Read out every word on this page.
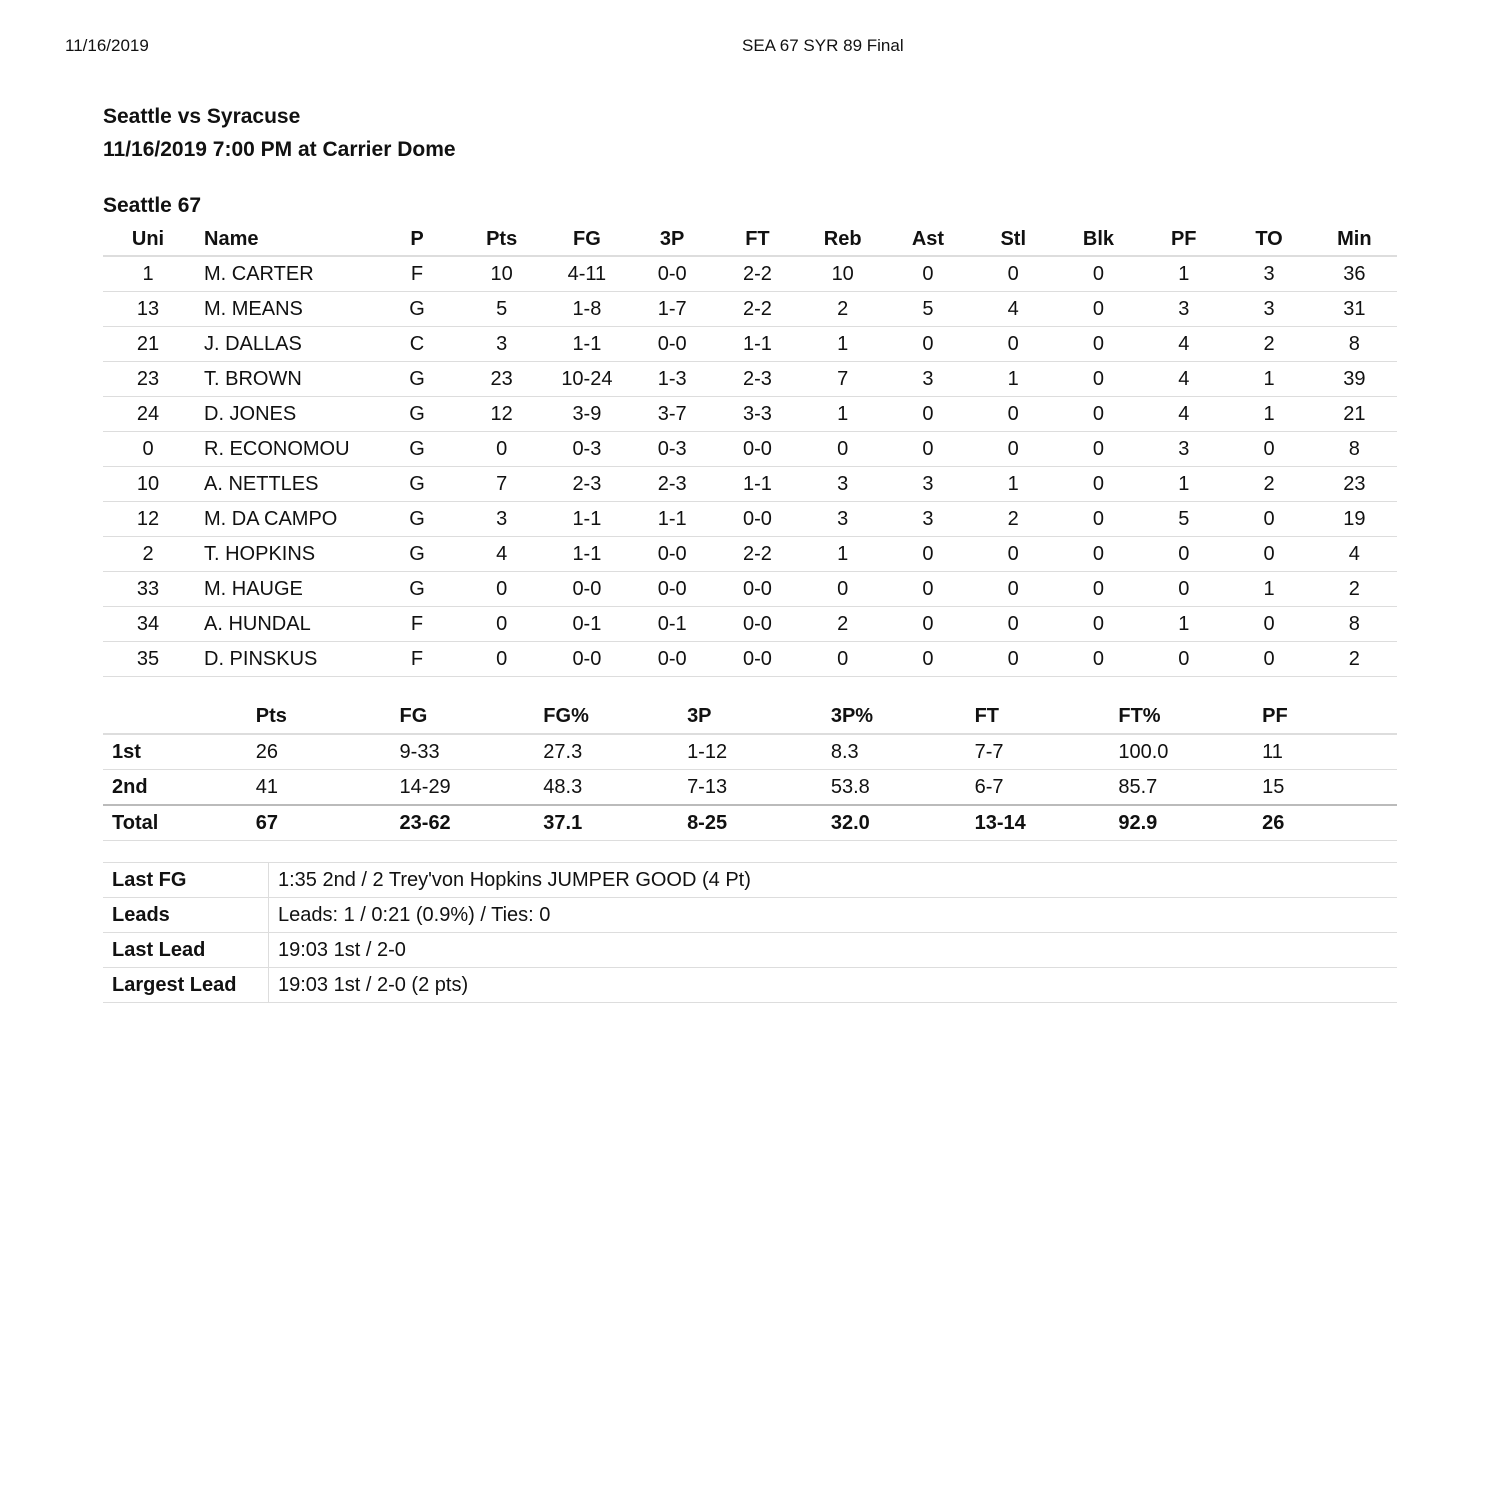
11/16/2019	SEA 67 SYR 89 Final
Seattle vs Syracuse
11/16/2019 7:00 PM at Carrier Dome
Seattle 67
Uni	Name	P	Pts	FG	3P	FT	Reb	Ast	Stl	Blk	PF	TO	Min
1	M. CARTER	F	10	4-11	0-0	2-2	10	0	0	0	1	3	36
13	M. MEANS	G	5	1-8	1-7	2-2	2	5	4	0	3	3	31
21	J. DALLAS	C	3	1-1	0-0	1-1	1	0	0	0	4	2	8
23	T. BROWN	G	23	10-24	1-3	2-3	7	3	1	0	4	1	39
24	D. JONES	G	12	3-9	3-7	3-3	1	0	0	0	4	1	21
0	R. ECONOMOU	G	0	0-3	0-3	0-0	0	0	0	0	3	0	8
10	A. NETTLES	G	7	2-3	2-3	1-1	3	3	1	0	1	2	23
12	M. DA CAMPO	G	3	1-1	1-1	0-0	3	3	2	0	5	0	19
2	T. HOPKINS	G	4	1-1	0-0	2-2	1	0	0	0	0	0	4
33	M. HAUGE	G	0	0-0	0-0	0-0	0	0	0	0	0	1	2
34	A. HUNDAL	F	0	0-1	0-1	0-0	2	0	0	0	1	0	8
35	D. PINSKUS	F	0	0-0	0-0	0-0	0	0	0	0	0	0	2
	Pts	FG	FG%	3P	3P%	FT	FT%	PF
1st	26	9-33	27.3	1-12	8.3	7-7	100.0	11
2nd	41	14-29	48.3	7-13	53.8	6-7	85.7	15
Total	67	23-62	37.1	8-25	32.0	13-14	92.9	26
Last FG	1:35 2nd / 2 Trey'von Hopkins JUMPER GOOD (4 Pt)
Leads	Leads: 1 / 0:21 (0.9%) / Ties: 0
Last Lead	19:03 1st / 2-0
Largest Lead	19:03 1st / 2-0 (2 pts)
